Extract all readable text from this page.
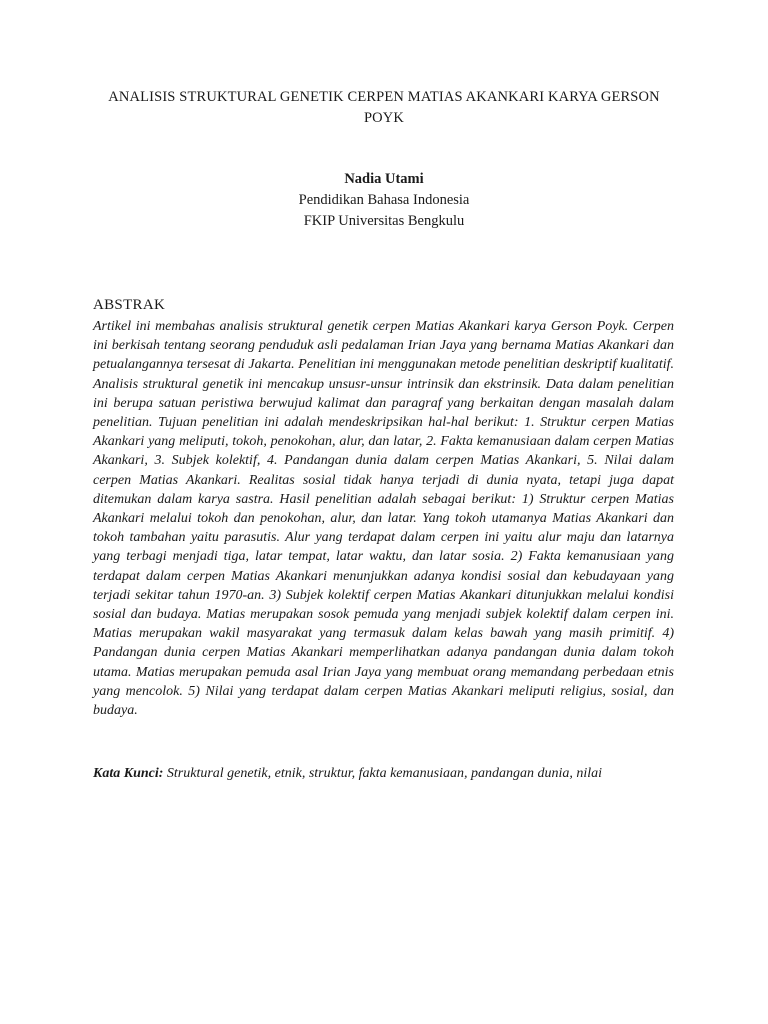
ANALISIS STRUKTURAL GENETIK CERPEN MATIAS AKANKARI KARYA GERSON POYK
Nadia Utami
Pendidikan Bahasa Indonesia
FKIP Universitas Bengkulu
ABSTRAK
Artikel ini membahas analisis struktural genetik cerpen Matias Akankari karya Gerson Poyk. Cerpen ini berkisah tentang seorang penduduk asli pedalaman Irian Jaya yang bernama Matias Akankari dan petualangannya tersesat di Jakarta. Penelitian ini menggunakan metode penelitian deskriptif kualitatif. Analisis struktural genetik ini mencakup unsusr-unsur intrinsik dan ekstrinsik. Data dalam penelitian ini berupa satuan peristiwa berwujud kalimat dan paragraf yang berkaitan dengan masalah dalam penelitian. Tujuan penelitian ini adalah mendeskripsikan hal-hal berikut: 1. Struktur cerpen Matias Akankari yang meliputi, tokoh, penokohan, alur, dan latar, 2. Fakta kemanusiaan dalam cerpen Matias Akankari, 3. Subjek kolektif, 4. Pandangan dunia dalam cerpen Matias Akankari, 5. Nilai dalam cerpen Matias Akankari. Realitas sosial tidak hanya terjadi di dunia nyata, tetapi juga dapat ditemukan dalam karya sastra. Hasil penelitian adalah sebagai berikut: 1) Struktur cerpen Matias Akankari melalui tokoh dan penokohan, alur, dan latar. Yang tokoh utamanya Matias Akankari dan tokoh tambahan yaitu parasutis. Alur yang terdapat dalam cerpen ini yaitu alur maju dan latarnya yang terbagi menjadi tiga, latar tempat, latar waktu, dan latar sosia. 2) Fakta kemanusiaan yang terdapat dalam cerpen Matias Akankari menunjukkan adanya kondisi sosial dan kebudayaan yang terjadi sekitar tahun 1970-an. 3) Subjek kolektif cerpen Matias Akankari ditunjukkan melalui kondisi sosial dan budaya. Matias merupakan sosok pemuda yang menjadi subjek kolektif dalam cerpen ini. Matias merupakan wakil masyarakat yang termasuk dalam kelas bawah yang masih primitif. 4) Pandangan dunia cerpen Matias Akankari memperlihatkan adanya pandangan dunia dalam tokoh utama. Matias merupakan pemuda asal Irian Jaya yang membuat orang memandang perbedaan etnis yang mencolok. 5) Nilai yang terdapat dalam cerpen Matias Akankari meliputi religius, sosial, dan budaya.
Kata Kunci: Struktural genetik, etnik, struktur, fakta kemanusiaan, pandangan dunia, nilai
